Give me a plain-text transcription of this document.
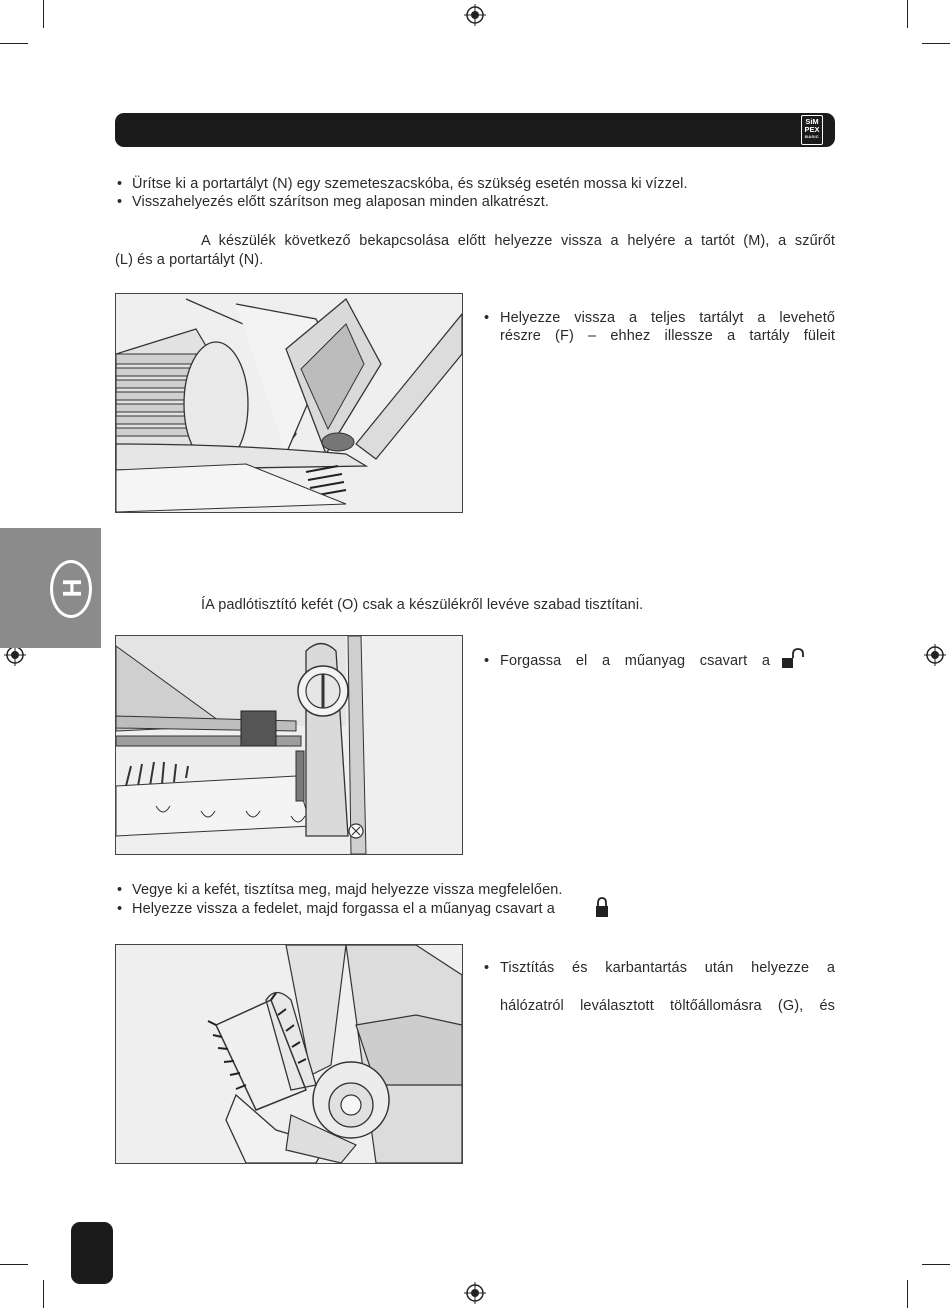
SiM
PEX
BASIC
H
• Ürítse ki a portartályt (N) egy szemeteszacskóba, és szükség esetén mossa ki vízzel.
• Visszahelyezés előtt szárítson meg alaposan minden alkatrészt.
A készülék következő bekapcsolása előtt helyezze vissza a helyére a tartót (M), a szűrőt
(L) és a portartályt (N).
• Helyezze vissza a teljes tartályt a levehető
részre (F) – ehhez illessze a tartály füleit
ÍA padlótisztító kefét (O) csak a készülékről levéve szabad tisztítani.
• Forgassa el a műanyag csavart a
• Vegye ki a kefét, tisztítsa meg, majd helyezze vissza megfelelően.
• Helyezze vissza a fedelet, majd forgassa el a műanyag csavart a
• Tisztítás és karbantartás után helyezze a
hálózatról leválasztott töltőállomásra (G), és
